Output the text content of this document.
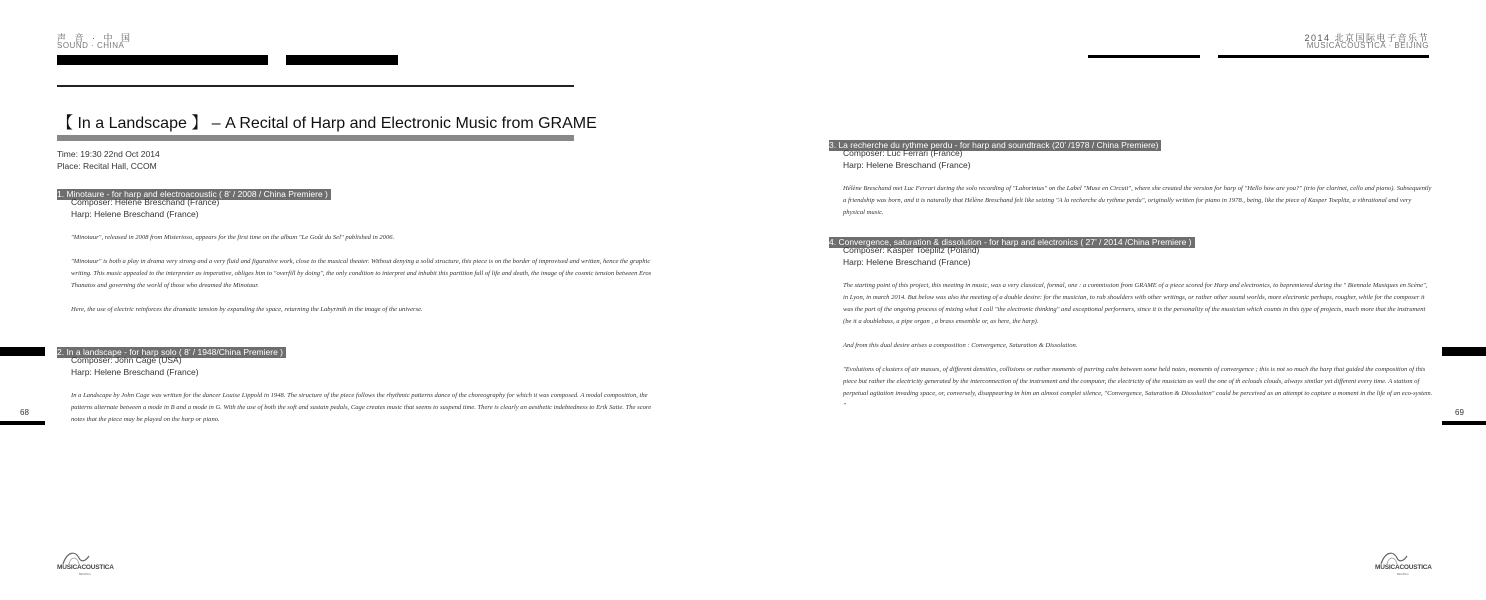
声 音 · 中 国
SOUND · CHINA
【 In a Landscape 】 – A Recital of Harp and Electronic Music from GRAME
Time: 19:30 22nd Oct 2014
Place: Recital Hall, CCOM
1. Minotaure - for harp and electroacoustic ( 8’ / 2008 / China Premiere )
Composer: Helene Breschand (France)
Harp: Helene Breschand (France)
"Minotaur", released in 2008 from Misterioso, appears for the first time on the album "Le Goût du Sel" published in 2006.
"Minotaur" is both a play in drama very strong and a very fluid and figurative work, close to the musical theater. Without denying a solid structure, this piece is on the border of improvised and written, hence the graphic writing. This music appealed to the interpreter as imperative, obliges him to "overfill by doing", the only condition to interpret and inhabit this partition full of life and death, the image of the cosmic tension between Eros Thanatos and governing the world of those who dreamed the Minotaur.
Here, the use of electric reinforces the dramatic tension by expanding the space, returning the Labyrinth in the image of the universe.
2. In a landscape - for harp solo ( 8’ / 1948/China Premiere )
Composer: John Cage (USA)
Harp: Helene Breschand (France)
In a Landscape by John Cage was written for the dancer Louise Lippold in 1948. The structure of the piece follows the rhythmic patterns dance of the choreography for which it was composed. A modal composition, the patterns alternate between a mode in B and a mode in G. With the use of both the soft and sustain pedals, Cage creates music that seems to suspend time. There is clearly an aesthetic indebtedness to Erik Satie. The score notes that the piece may be played on the harp or piano.
68
MUSICACOUSTICA
BEIJING
2014 北京国际电子音乐节
MUSICACOUSTICA · BEIJING
3. La recherche du rythme perdu - for harp and soundtrack (20’ /1978 / China Premiere)
Composer: Luc Ferrari (France)
Harp: Helene Breschand (France)
Hélène Breschand met Luc Ferrari during the solo recording of "Laborintus" on the Label "Muse en Circuit", where she created the version for harp of "Hello how are you?" (trio for clarinet, cello and piano). Subsequently a friendship was born, and it is naturally that Hélène Breschand felt like seizing "A la recherche du rythme perdu", originally written for piano in 1978., being, like the piece of Kasper Toeplitz, a vibrational and very physical music.
4. Convergence, saturation & dissolution - for harp and electronics ( 27’ / 2014 /China Premiere )
Composer: Kasper Toeplitz (Poland)
Harp: Helene Breschand (France)
The starting point of this project, this meeting in music, was a very classical, formal, one : a commission from GRAME of a piece scored for Harp and electronics, to bepremiered during the " Biennale Musiques en Scène", in Lyon, in march 2014. But below was also the meeting of a double desire: for the musician, to rub shoulders with other writings, or rather other sound worlds, more electronic perhaps, rougher, while for the composer it was the part of the ongoing process of mixing what I call "the electronic thinking" and exceptional performers, since it is the personality of the musician which counts in this type of projects, much more that the instrument (be it a doublebass, a pipe organ , a brass ensemble or, as here, the harp).
And from this dual desire arises a composition : Convergence, Saturation & Dissolution.
"Evolutions of clusters of air masses, of different densities, collisions or rather moments of purring calm between some held notes, moments of convergence ; this is not so much the harp that guided the composition of this piece but rather the electricity generated by the interconnection of the instrument and the computer, the electricity of the musician as well the one of th eclouds clouds, always similar yet different every time. A statism of perpetual agitation invading space, or, conversely, disappearing in him an almost complet silence, "Convergence, Saturation & Dissolution" could be perceived as an attempt to capture a moment in the life of an eco-system. "
69
MUSICACOUSTICA
BEIJING
